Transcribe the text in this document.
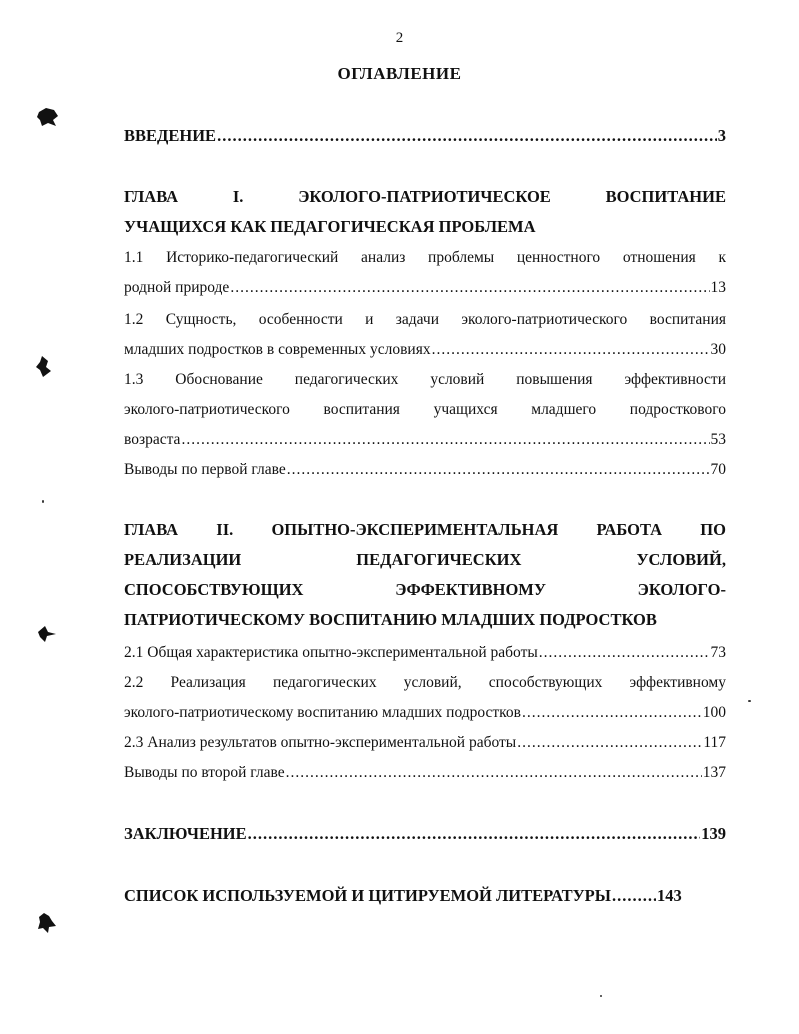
2
ОГЛАВЛЕНИЕ
ВВЕДЕНИЕ .....	3
ГЛАВА	I.	ЭКОЛОГО-ПАТРИОТИЧЕСКОЕ	ВОСПИТАНИЕ
УЧАЩИХСЯ КАК ПЕДАГОГИЧЕСКАЯ ПРОБЛЕМА
1.1 Историко-педагогический анализ проблемы ценностного отношения к
родной природе .....	13
1.2 Сущность, особенности и задачи эколого-патриотического воспитания
младших подростков в современных условиях .....	30
1.3 Обоснование педагогических условий повышения эффективности
эколого-патриотического воспитания учащихся младшего подросткового
возраста .....	53
Выводы по первой главе .....	70
ГЛАВА II. ОПЫТНО-ЭКСПЕРИМЕНТАЛЬНАЯ РАБОТА ПО
РЕАЛИЗАЦИИ	ПЕДАГОГИЧЕСКИХ	УСЛОВИЙ,
СПОСОБСТВУЮЩИХ	ЭФФЕКТИВНОМУ	ЭКОЛОГО-
ПАТРИОТИЧЕСКОМУ ВОСПИТАНИЮ МЛАДШИХ ПОДРОСТКОВ
2.1 Общая характеристика опытно-экспериментальной работы .....	73
2.2 Реализация педагогических условий, способствующих эффективному
эколого-патриотическому воспитанию младших подростков .....	100
2.3 Анализ результатов опытно-экспериментальной работы .....	117
Выводы по второй главе .....	137
ЗАКЛЮЧЕНИЕ .....	139
СПИСОК ИСПОЛЬЗУЕМОЙ И ЦИТИРУЕМОЙ ЛИТЕРАТУРЫ .....	143
